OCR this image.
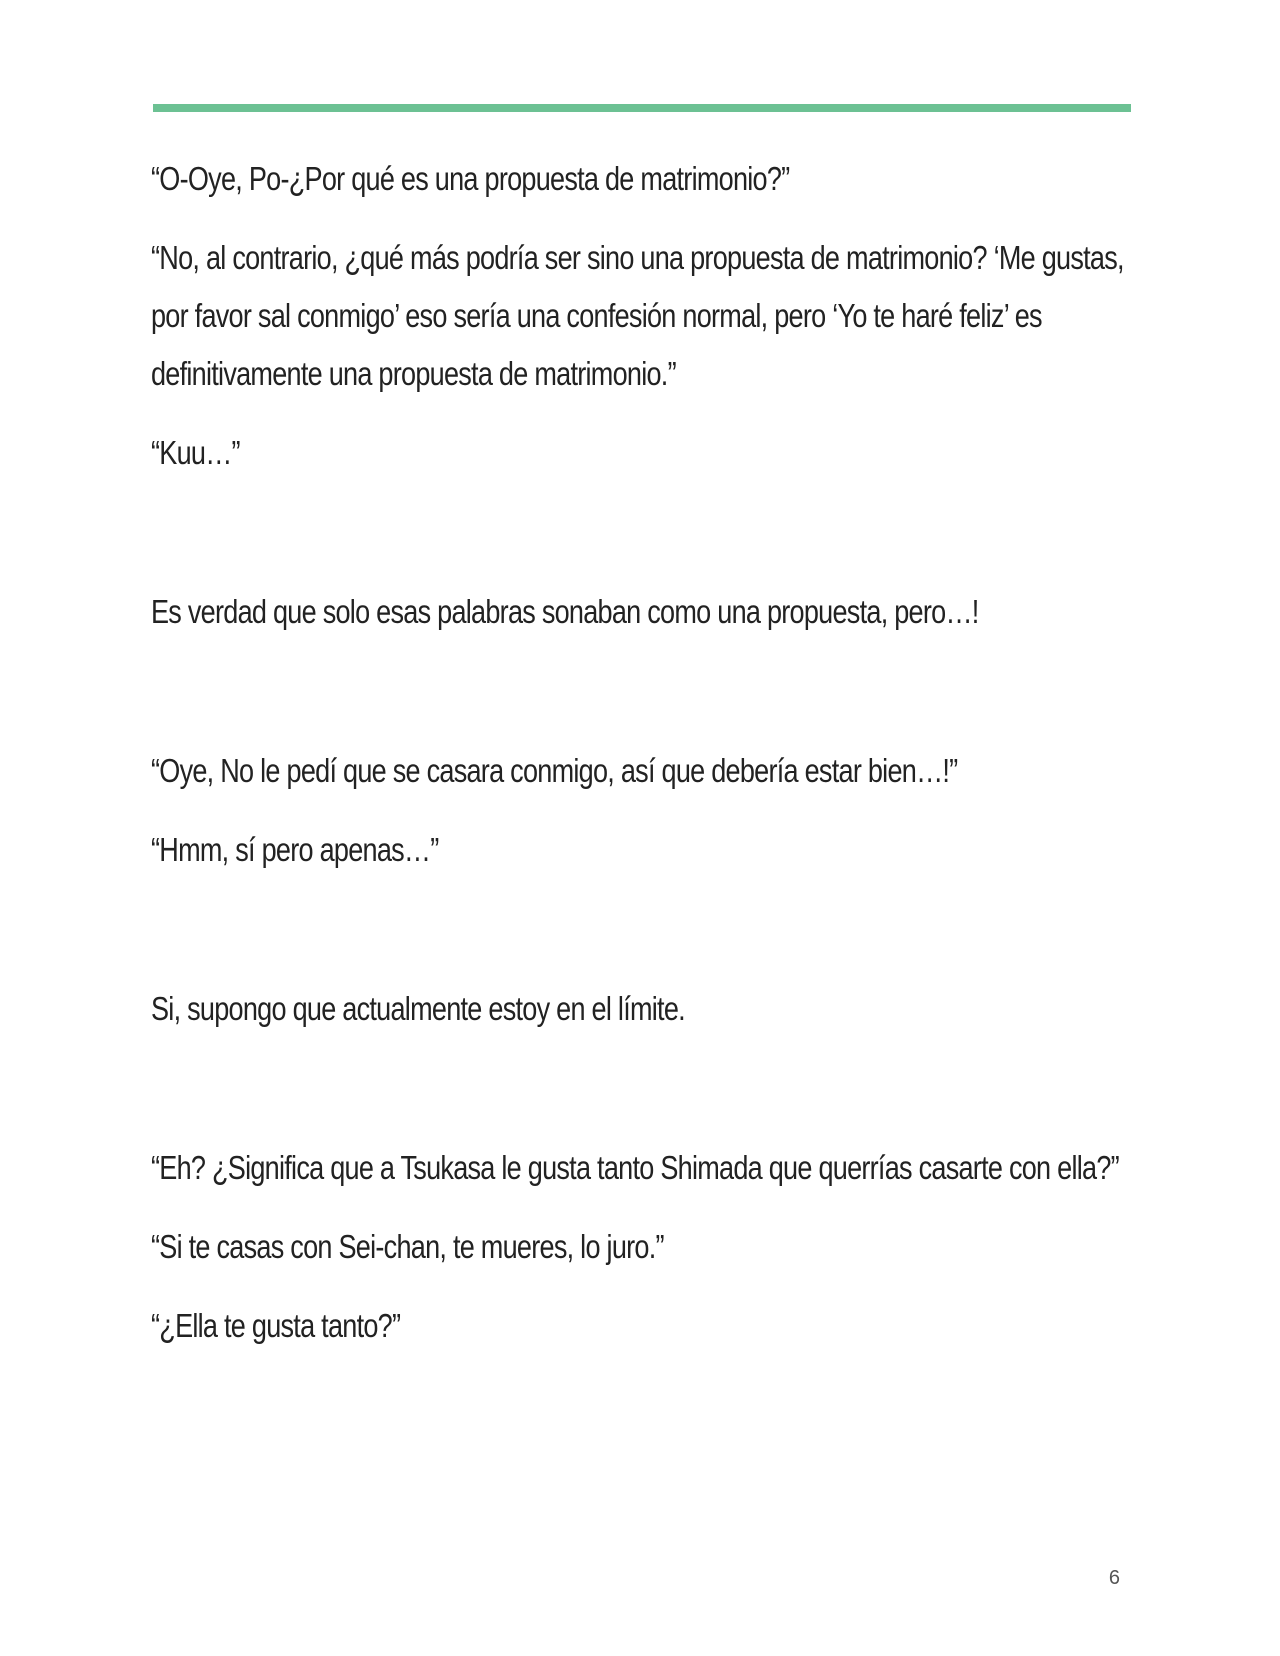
“O-Oye, Po-¿Por qué es una propuesta de matrimonio?”

“No, al contrario, ¿qué más podría ser sino una propuesta de matrimonio? ‘Me gustas, por favor sal conmigo’ eso sería una confesión normal, pero ‘Yo te haré feliz’ es definitivamente una propuesta de matrimonio.”

“Kuu…”

Es verdad que solo esas palabras sonaban como una propuesta, pero…!

“Oye, No le pedí que se casara conmigo, así que debería estar bien…!”

“Hmm, sí pero apenas…”

Si, supongo que actualmente estoy en el límite.

“Eh? ¿Significa que a Tsukasa le gusta tanto Shimada que querrías casarte con ella?”

“Si te casas con Sei-chan, te mueres, lo juro.”

“¿Ella te gusta tanto?”

6
